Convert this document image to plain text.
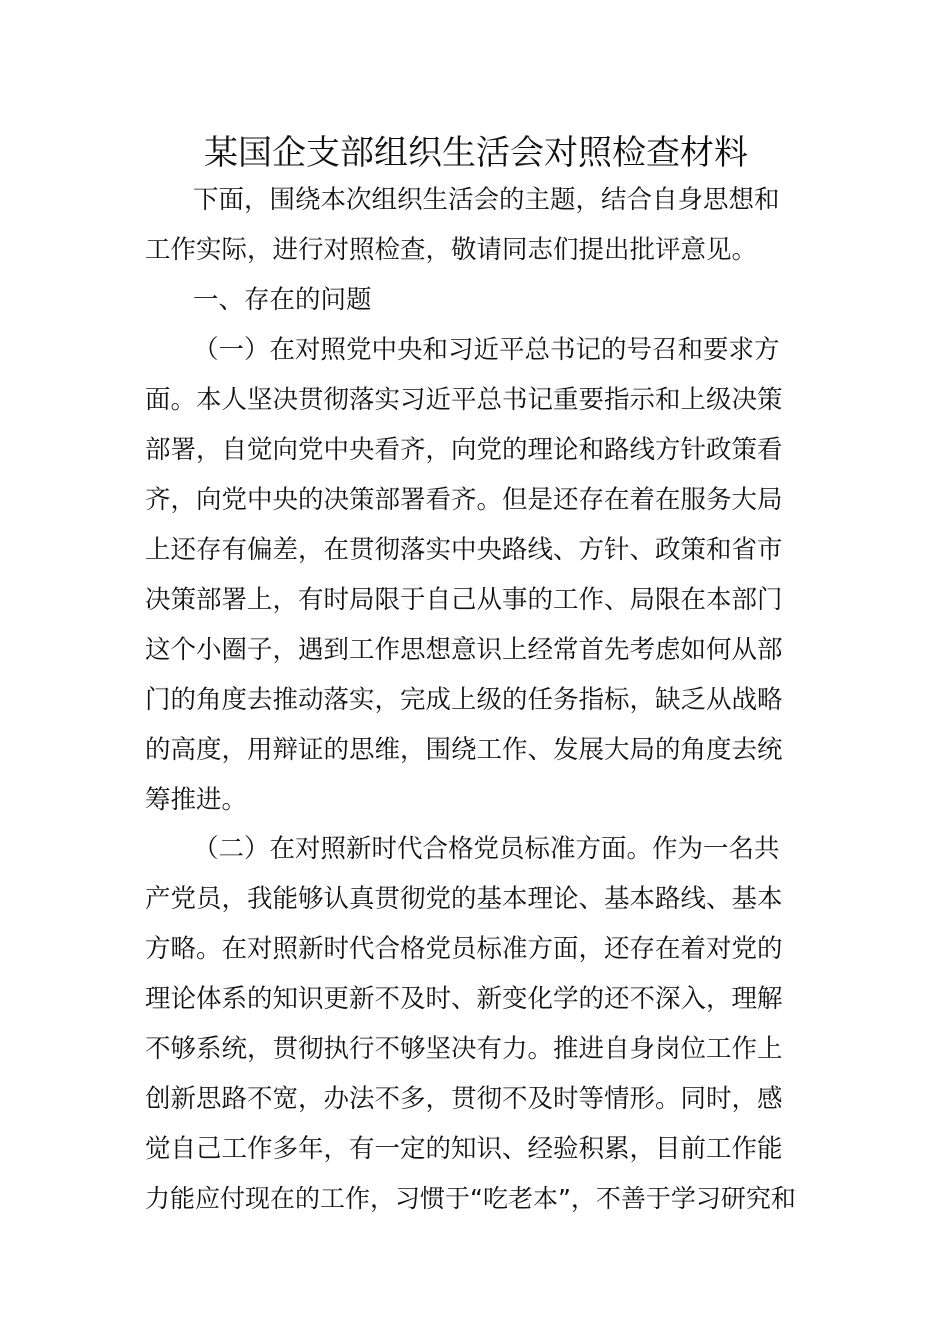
某国企支部组织生活会对照检查材料
下面，围绕本次组织生活会的主题，结合自身思想和
工作实际，进行对照检查，敬请同志们提出批评意见。
一、存在的问题
（一）在对照党中央和习近平总书记的号召和要求方
面。本人坚决贯彻落实习近平总书记重要指示和上级决策
部署，自觉向党中央看齐，向党的理论和路线方针政策看
齐，向党中央的决策部署看齐。但是还存在着在服务大局
上还存有偏差，在贯彻落实中央路线、方针、政策和省市
决策部署上，有时局限于自己从事的工作、局限在本部门
这个小圈子，遇到工作思想意识上经常首先考虑如何从部
门的角度去推动落实，完成上级的任务指标，缺乏从战略
的高度，用辩证的思维，围绕工作、发展大局的角度去统
筹推进。
（二）在对照新时代合格党员标准方面。作为一名共
产党员，我能够认真贯彻党的基本理论、基本路线、基本
方略。在对照新时代合格党员标准方面，还存在着对党的
理论体系的知识更新不及时、新变化学的还不深入，理解
不够系统，贯彻执行不够坚决有力。推进自身岗位工作上
创新思路不宽，办法不多，贯彻不及时等情形。同时，感
觉自己工作多年，有一定的知识、经验积累，目前工作能
力能应付现在的工作，习惯于“吃老本”，不善于学习研究和
